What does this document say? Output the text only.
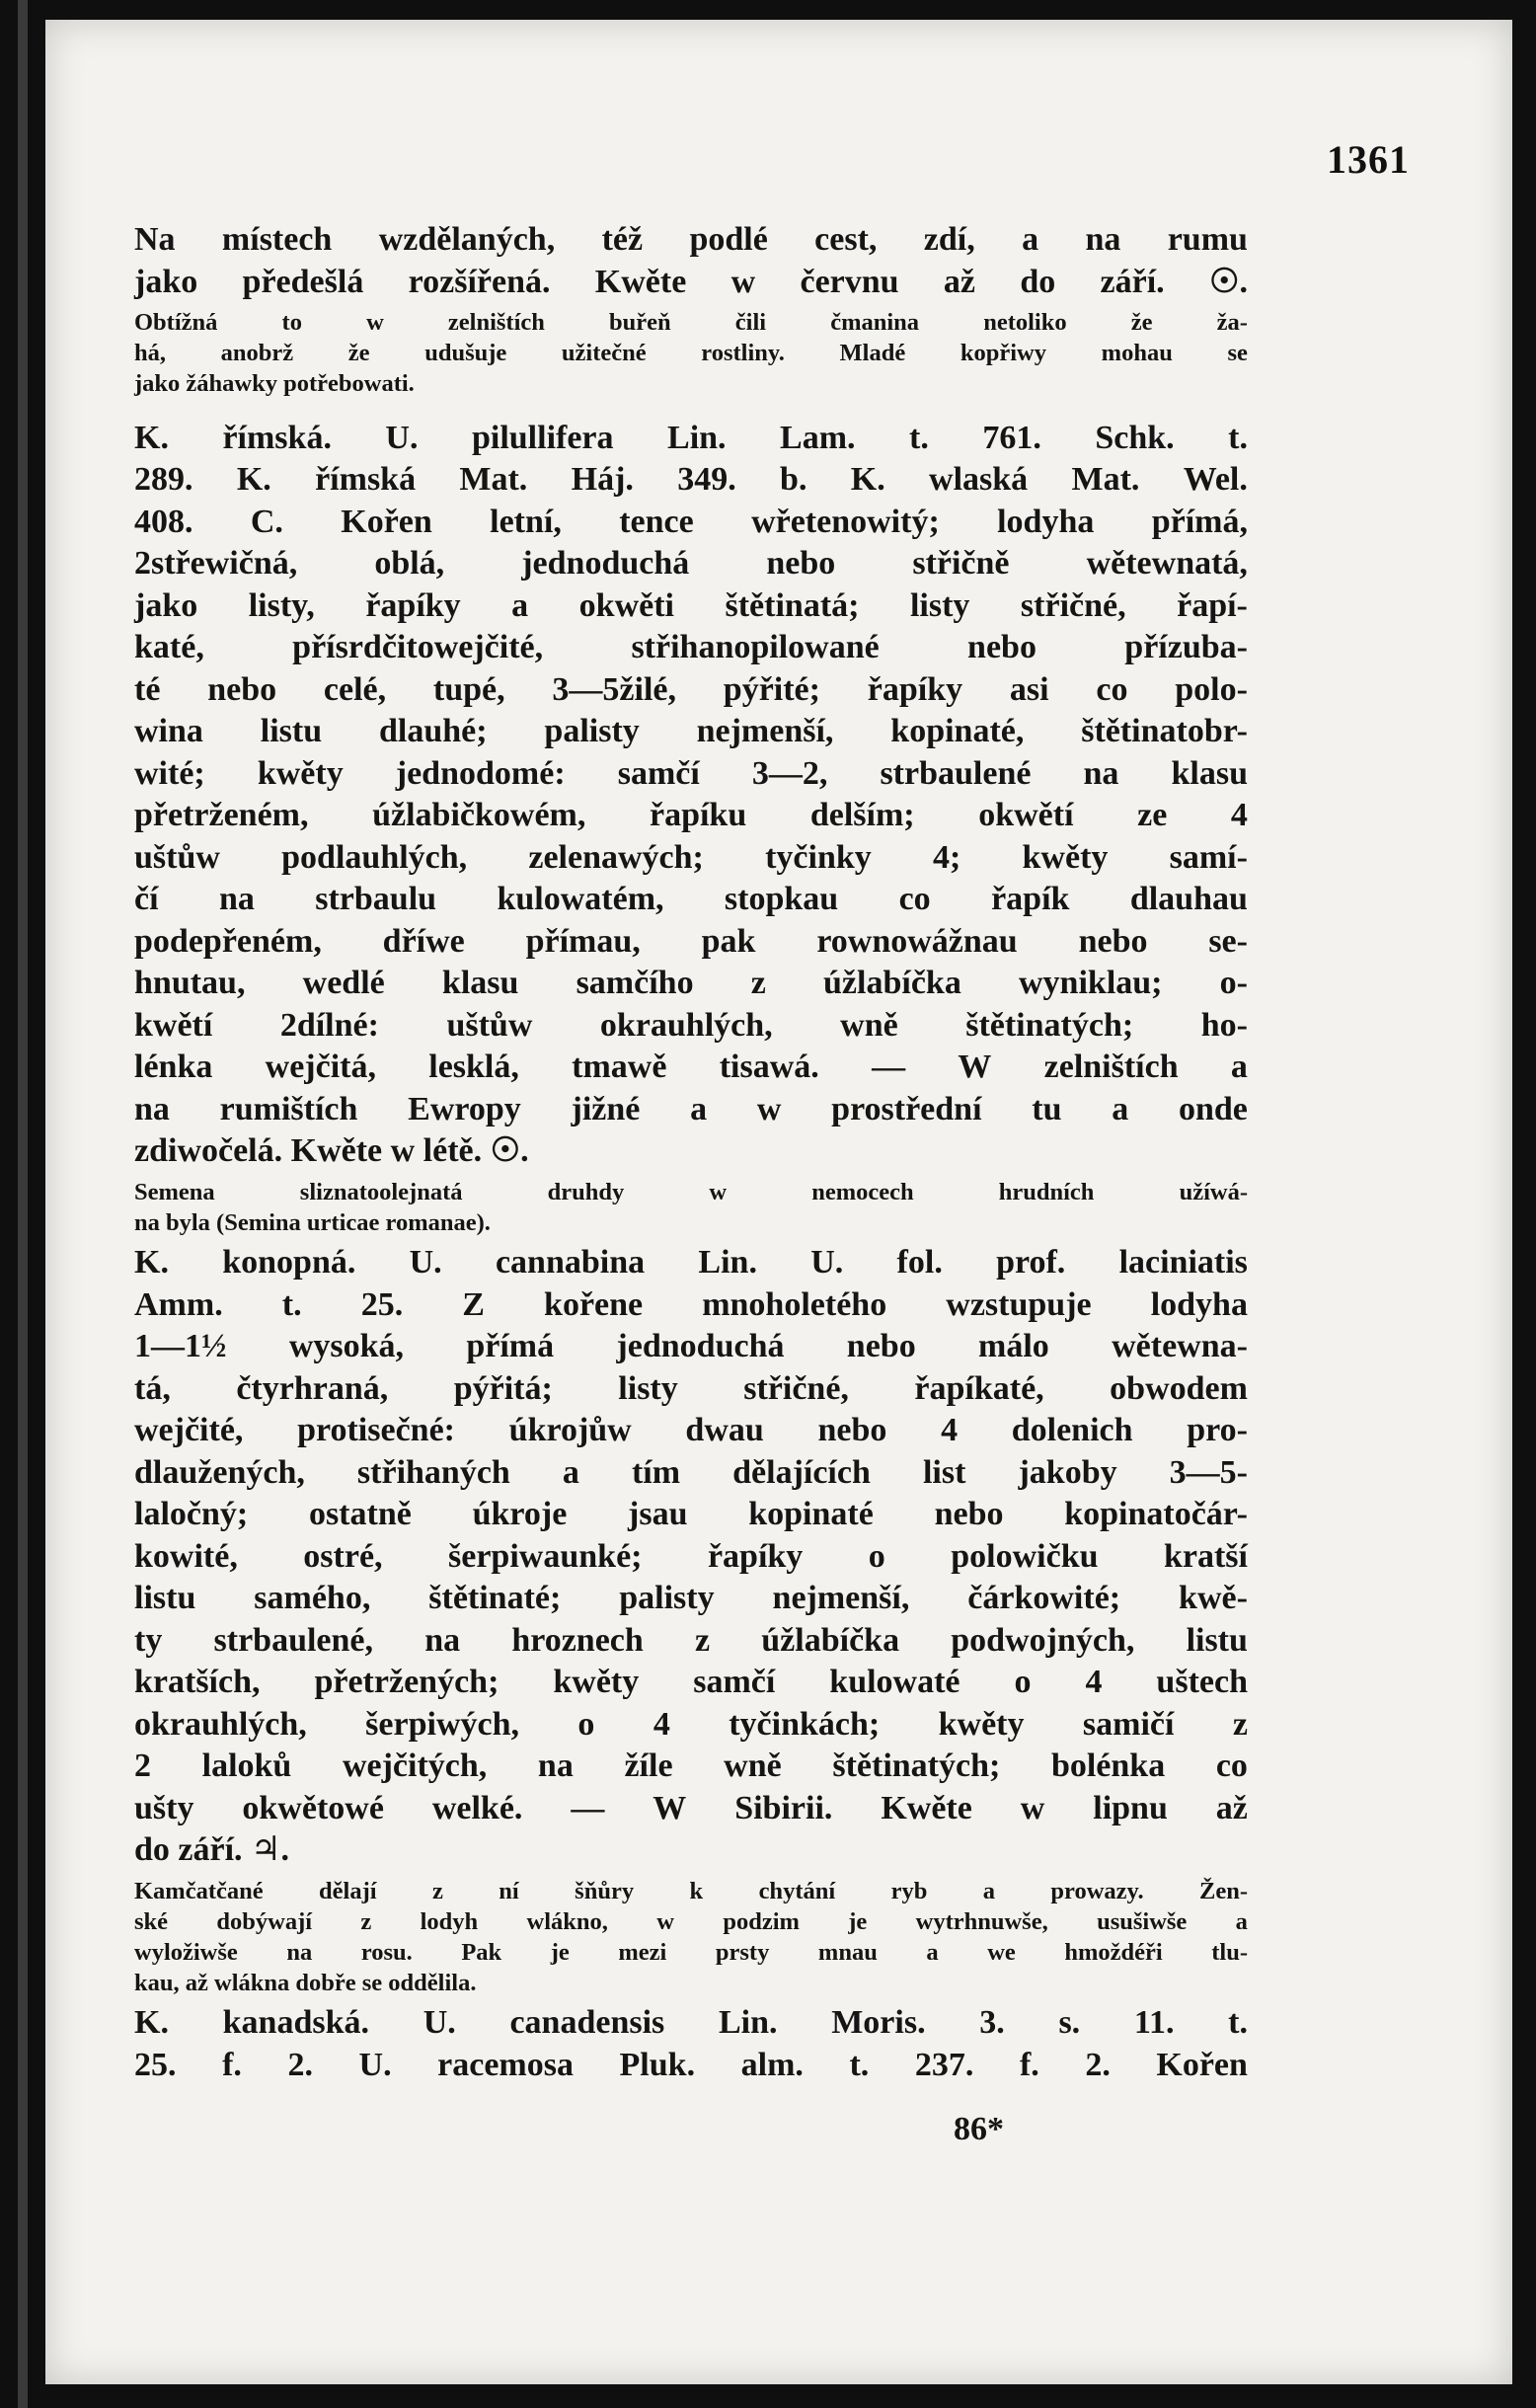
1361
Na místech wzdělaných, též podlé cest, zdí, a na rumu
jako předešlá rozšířená. Kwěte w červnu až do září. ☉.
Obtížná	to	w	zelništích	buřeň	čili	čmanina	netoliko	že	ža-
há, anobrž že udušuje užitečné rostliny. Mladé kopřiwy mohau se
jako žáhawky potřebowati.
K. římská. U. pilullifera Lin. Lam. t. 761. Schk. t.
289. K. římská Mat. Háj. 349. b. K. wlaská Mat. Wel.
408. C. Kořen letní, tence wřetenowitý; lodyha přímá,
2střewičná, oblá, jednoduchá nebo střičně wětewnatá,
jako listy, řapíky a okwěti štětinatá; listy střičné, řapí-
katé,	přísrdčitowejčité,	střihanopilowané	nebo	přízuba-
té nebo celé, tupé, 3—5žilé, pýřité; řapíky asi co polo-
wina listu dlauhé; palisty nejmenší, kopinaté, štětinatobr-
wité; kwěty jednodomé: samčí 3—2, strbaulené na klasu
přetrženém, úžlabičkowém, řapíku delším; okwětí ze 4
uštůw podlauhlých, zelenawých; tyčinky 4; kwěty samí-
čí na strbaulu kulowatém, stopkau co řapík dlauhau
podepřeném, dříwe přímau, pak rownowážnau nebo se-
hnutau, wedlé klasu samčího z úžlabíčka wyniklau; o-
kwětí 2dílné: uštůw okrauhlých, wně štětinatých; ho-
lénka wejčitá, lesklá, tmawě tisawá. — W zelništích a
na rumištích Ewropy jižné a w prostřední tu a onde
zdiwočelá. Kwěte w létě. ☉.
Semena	sliznatoolejnatá	druhdy	w	nemocech	hrudních	užíwá-
na byla (Semina urticae romanae).
K. konopná. U. cannabina Lin. U. fol. prof. laciniatis
Amm. t. 25. Z kořene mnoholetého wzstupuje lodyha
1—1½ wysoká, přímá jednoduchá nebo málo wětewna-
tá, čtyrhraná, pýřitá; listy střičné, řapíkaté, obwodem
wejčité, protisečné: úkrojůw dwau nebo 4 dolenich pro-
dlaužených, střihaných a tím dělajících list jakoby 3—5-
laločný; ostatně úkroje jsau kopinaté nebo kopinatočár-
kowité, ostré, šerpiwaunké; řapíky o polowičku kratší
listu samého, štětinaté; palisty nejmenší, čárkowité; kwě-
ty strbaulené, na hroznech z úžlabíčka podwojných, listu
kratších, přetržených; kwěty samčí kulowaté o 4 uštech
okrauhlých, šerpiwých, o 4 tyčinkách; kwěty samičí z
2 laloků wejčitých, na žíle wně štětinatých; bolénka co
ušty okwětowé welké. — W Sibirii. Kwěte w lipnu až
do září. ♃.
Kamčatčané dělají z ní šňůry k chytání ryb a prowazy. Žen-
ské dobýwají z lodyh wlákno, w podzim je wytrhnuwše, usušiwše a
wyložiwše na rosu. Pak je mezi prsty mnau a we hmoždéři tlu-
kau, až wlákna dobře se oddělila.
K. kanadská. U. canadensis Lin. Moris. 3. s. 11. t.
25. f. 2. U. racemosa Pluk. alm. t. 237. f. 2. Kořen
86*
